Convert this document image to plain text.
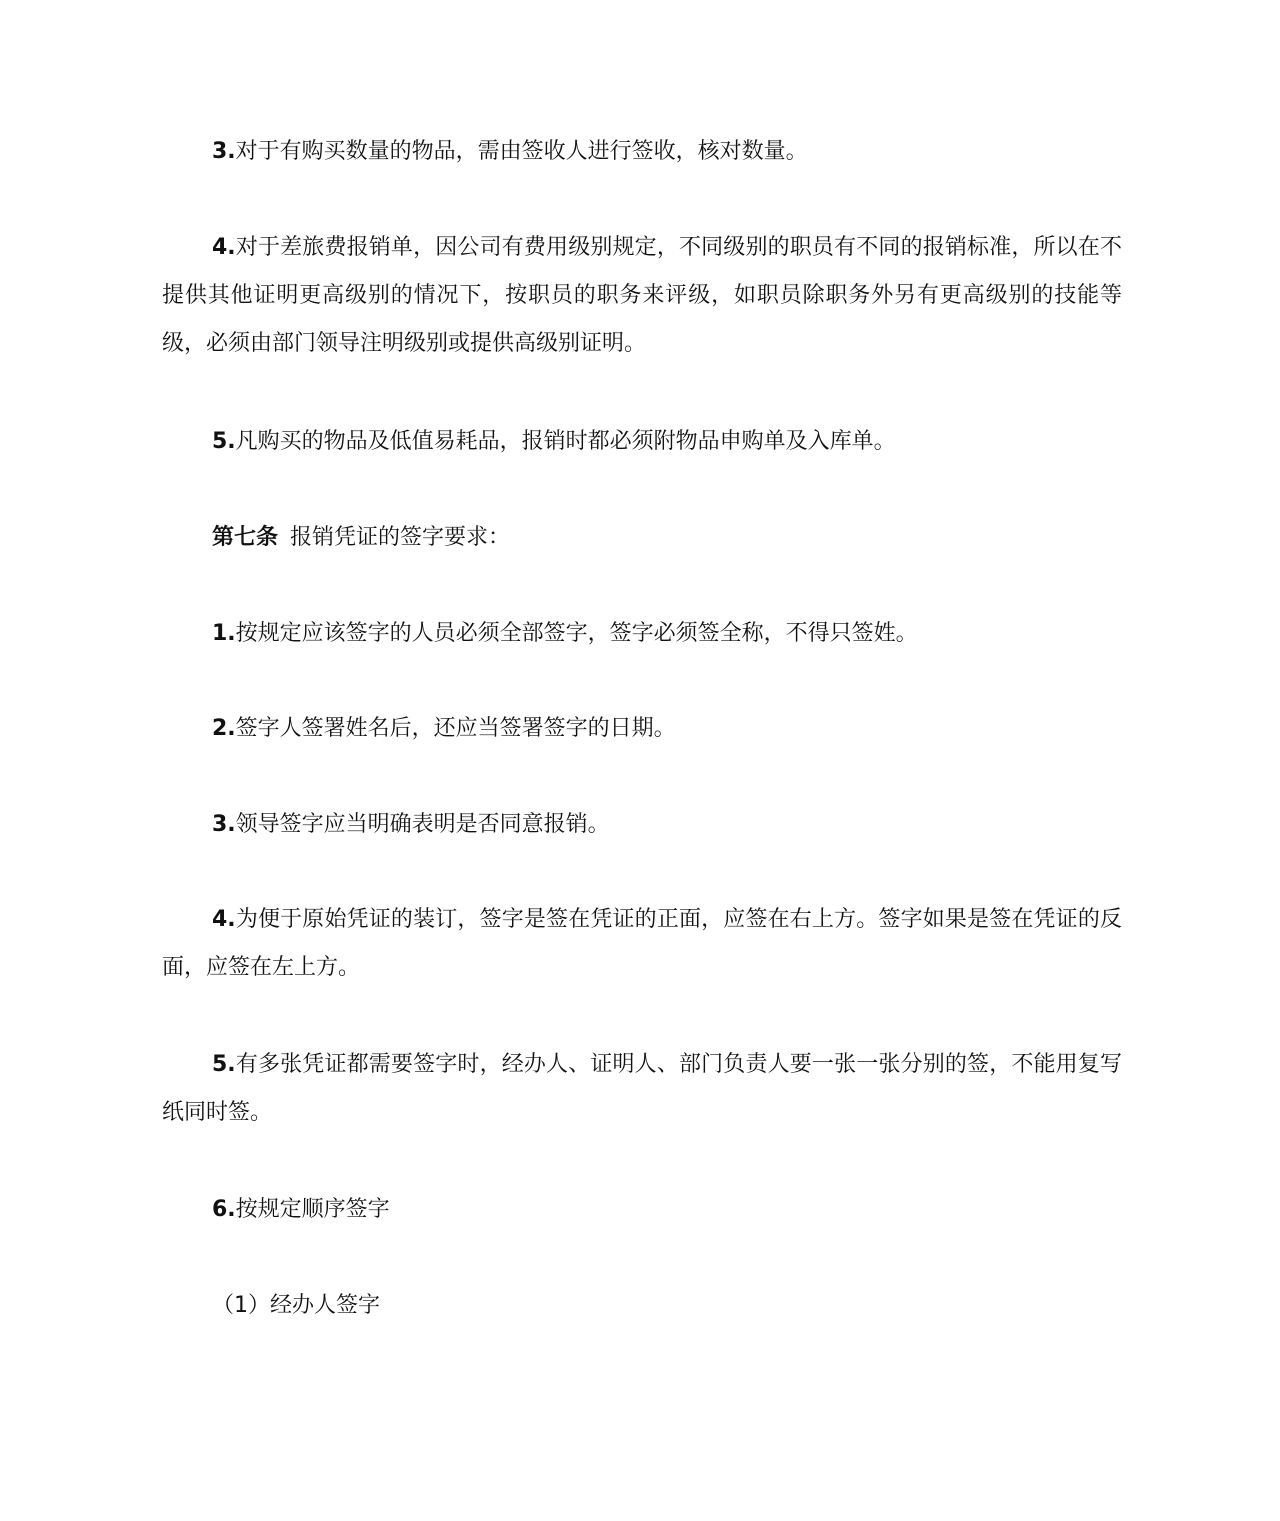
3.对于有购买数量的物品，需由签收人进行签收，核对数量。

4.对于差旅费报销单，因公司有费用级别规定，不同级别的职员有不同的报销标准，所以在不提供其他证明更高级别的情况下，按职员的职务来评级，如职员除职务外另有更高级别的技能等级，必须由部门领导注明级别或提供高级别证明。

5.凡购买的物品及低值易耗品，报销时都必须附物品申购单及入库单。

第七条 报销凭证的签字要求：

1.按规定应该签字的人员必须全部签字，签字必须签全称，不得只签姓。

2.签字人签署姓名后，还应当签署签字的日期。

3.领导签字应当明确表明是否同意报销。

4.为便于原始凭证的装订，签字是签在凭证的正面，应签在右上方。签字如果是签在凭证的反面，应签在左上方。

5.有多张凭证都需要签字时，经办人、证明人、部门负责人要一张一张分别的签，不能用复写纸同时签。

6.按规定顺序签字

（1）经办人签字
